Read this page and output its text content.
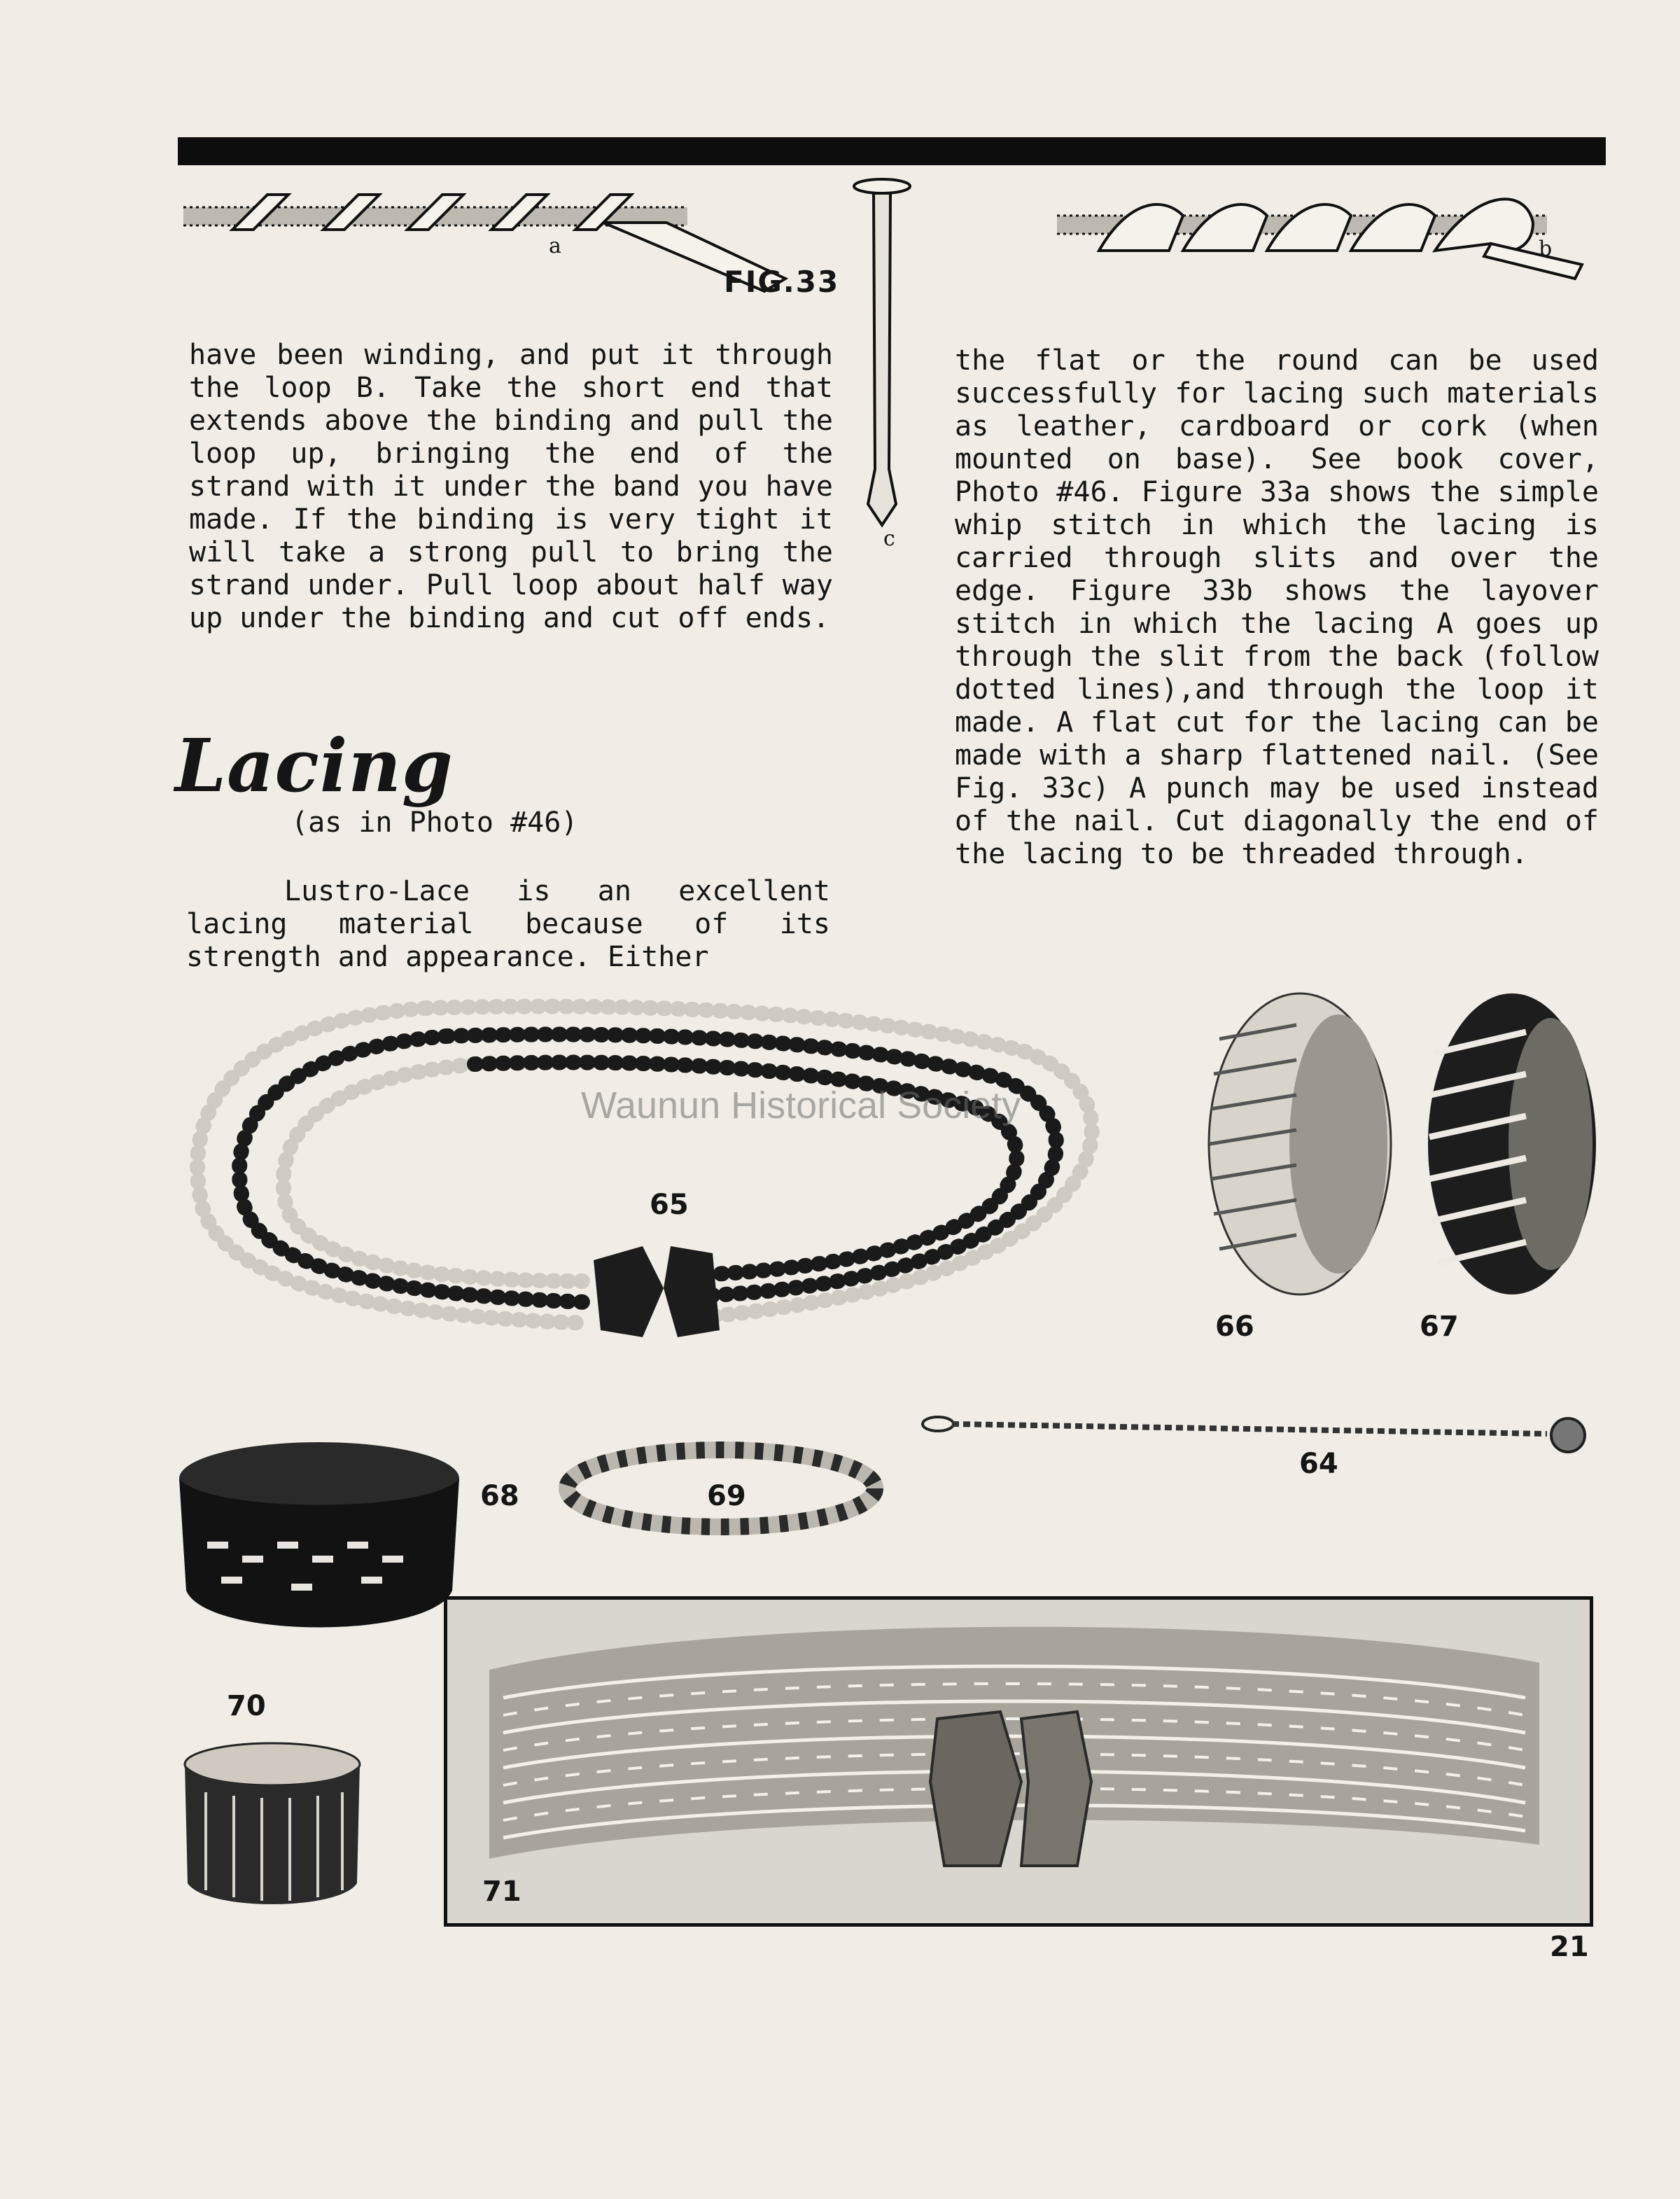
a
FIG.33
c
b
have been winding, and put it through the loop B. Take the short end that extends above the binding and pull the loop up, bringing the end of the strand with it under the band you have made. If the binding is very tight it will take a strong pull to bring the strand under. Pull loop about half way up under the binding and cut off ends.
Lacing
(as in Photo #46)
Lustro-Lace is an excellent lacing material because of its strength and appearance. Either
the flat or the round can be used successfully for lacing such materials as leather, cardboard or cork (when mounted on base). See book cover, Photo #46. Figure 33a shows the simple whip stitch in which the lacing is carried through slits and over the edge. Figure 33b shows the layover stitch in which the lacing A goes up through the slit from the back (follow dotted lines),and through the loop it made. A flat cut for the lacing can be made with a sharp flattened nail. (See Fig. 33c) A punch may be used instead of the nail. Cut diagonally the end of the lacing to be threaded through.
65
66	67
64
68	69
70
71
Waunun Historical Society
21
